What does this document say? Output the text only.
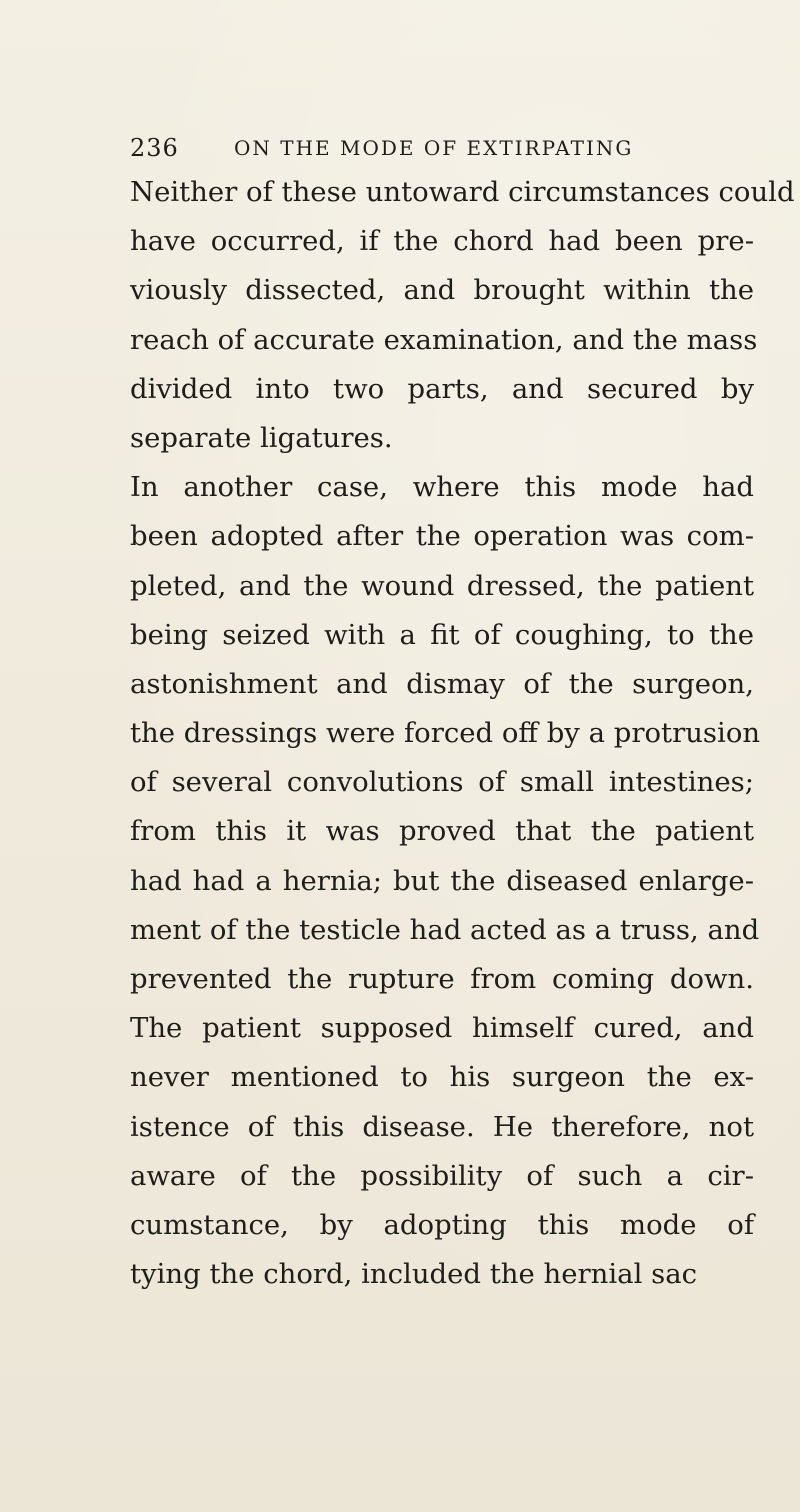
236	ON THE MODE OF EXTIRPATING
Neither of these untoward circumstances could
have occurred, if the chord had been pre-
viously dissected, and brought within the
reach of accurate examination, and the mass
divided into two parts, and secured by
separate ligatures.
In another case, where this mode had
been adopted after the operation was com-
pleted, and the wound dressed, the patient
being seized with a fit of coughing, to the
astonishment and dismay of the surgeon,
the dressings were forced off by a protrusion
of several convolutions of small intestines;
from this it was proved that the patient
had had a hernia; but the diseased enlarge-
ment of the testicle had acted as a truss, and
prevented the rupture from coming down.
The patient supposed himself cured, and
never mentioned to his surgeon the ex-
istence of this disease. He therefore, not
aware of the possibility of such a cir-
cumstance, by adopting this mode of
tying the chord, included the hernial sac
